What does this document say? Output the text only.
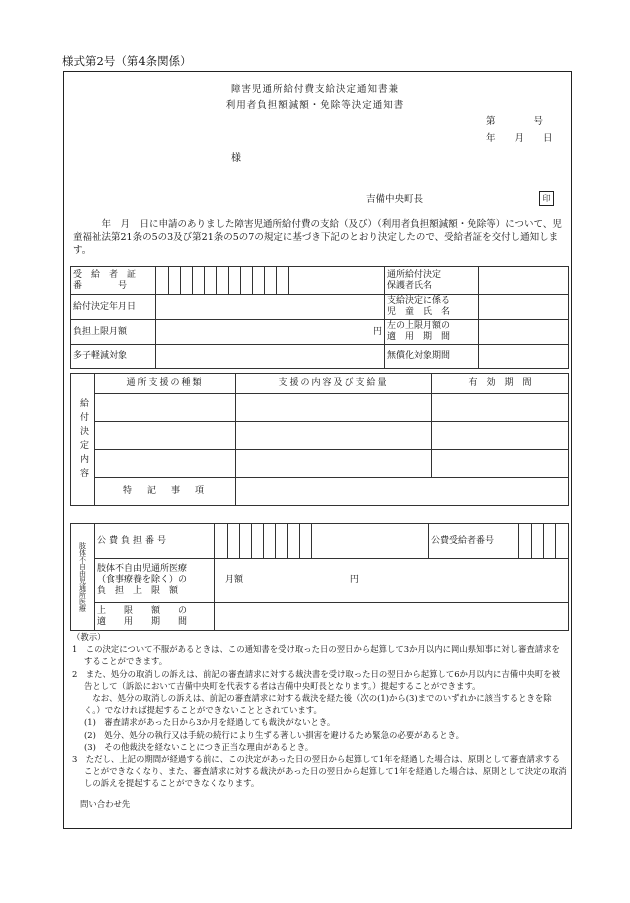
様式第2号（第4条関係）
障害児通所給付費支給決定通知書兼
利用者負担額減額・免除等決定通知書
第　　　　号
年　　月　　日
様
吉備中央町長	印
　　　年　月　日に申請のありました障害児通所給付費の支給（及び）（利用者負担額減額・免除等）について、児童福祉法第21条の5の3及び第21条の5の7の規定に基づき下記のとおり決定したので、受給者証を交付し通知します。
受　給　者　証
番　　　　号		通所給付決定
保護者氏名	
給付決定年月日		支給決定に係る
児　童　氏　名	
負担上限月額	円	左の上限月額の
適　用　期　間	
多子軽減対象		無償化対象期間	
給付決定内容	通所支援の種類	支援の内容及び支給量	有　効　期　間

	特　記　事　項		
肢体不自由児通所医療	公費負担番号		公費受給者番号	

	肢体不自由児通所医療
（食事療養を除く）の
負　担　上　限　額	月額 円		
	上　　限　　額　　の
適　　用　　期　　間			

（教示）

1　この決定について不服があるときは、この通知書を受け取った日の翌日から起算して3か月以内に岡山県知事に対し審査請求をすることができます。

2　また、処分の取消しの訴えは、前記の審査請求に対する裁決書を受け取った日の翌日から起算して6か月以内に吉備中央町を被告として（訴訟において吉備中央町を代表する者は吉備中央町長となります。）提起することができます。

　なお、処分の取消しの訴えは、前記の審査請求に対する裁決を経た後（次の(1)から(3)までのいずれかに該当するときを除く。）でなければ提起することができないこととされています。

(1)　審査請求があった日から3か月を経過しても裁決がないとき。

(2)　処分、処分の執行又は手続の続行により生ずる著しい損害を避けるため緊急の必要があるとき。

(3)　その他裁決を経ないことにつき正当な理由があるとき。

3　ただし、上記の期間が経過する前に、この決定があった日の翌日から起算して1年を経過した場合は、原則として審査請求することができなくなり、また、審査請求に対する裁決があった日の翌日から起算して1年を経過した場合は、原則として決定の取消しの訴えを提起することができなくなります。

問い合わせ先
